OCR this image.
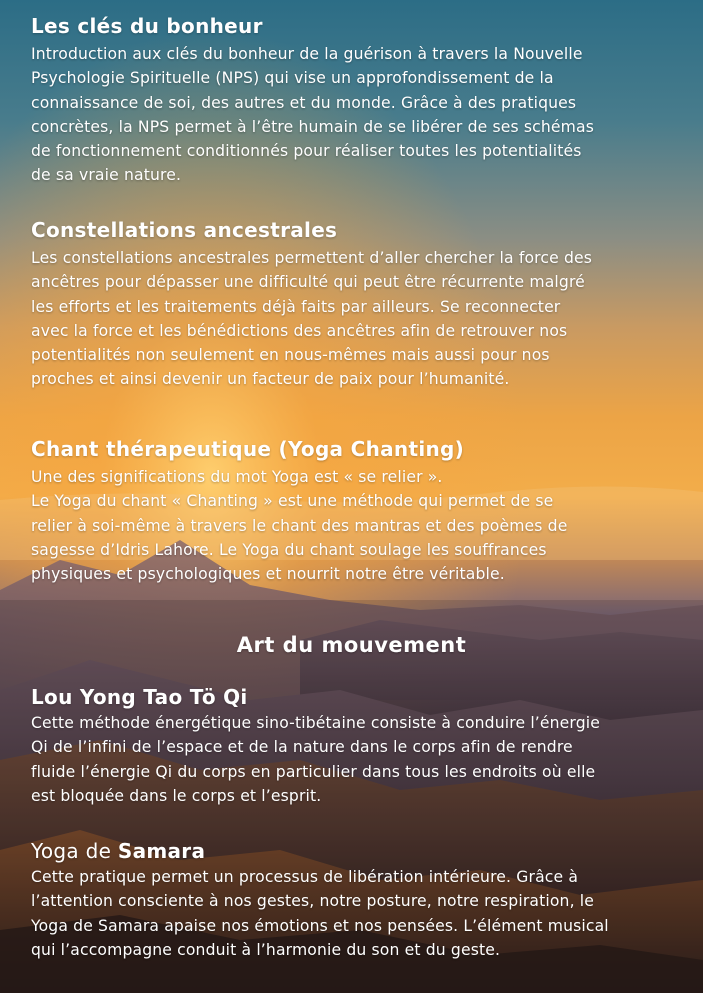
Les clés du bonheur

Introduction aux clés du bonheur de la guérison à travers la Nouvelle
Psychologie Spirituelle (NPS) qui vise un approfondissement de la
connaissance de soi, des autres et du monde. Grâce à des pratiques
concrètes, la NPS permet à l’être humain de se libérer de ses schémas
de fonctionnement conditionnés pour réaliser toutes les potentialités
de sa vraie nature.

Constellations ancestrales

Les constellations ancestrales permettent d’aller chercher la force des
ancêtres pour dépasser une difficulté qui peut être récurrente malgré
les efforts et les traitements déjà faits par ailleurs. Se reconnecter
avec la force et les bénédictions des ancêtres afin de retrouver nos
potentialités non seulement en nous-mêmes mais aussi pour nos
proches et ainsi devenir un facteur de paix pour l’humanité.

Chant thérapeutique (Yoga Chanting)

Une des significations du mot Yoga est « se relier ».
Le Yoga du chant « Chanting » est une méthode qui permet de se
relier à soi-même à travers le chant des mantras et des poèmes de
sagesse d’Idris Lahore. Le Yoga du chant soulage les souffrances
physiques et psychologiques et nourrit notre être véritable.

Art du mouvement
Lou Yong Tao Tö Qi

Cette méthode énergétique sino-tibétaine consiste à conduire l’énergie
Qi de l’infini de l’espace et de la nature dans le corps afin de rendre
fluide l’énergie Qi du corps en particulier dans tous les endroits où elle
est bloquée dans le corps et l’esprit.

Yoga de Samara

Cette pratique permet un processus de libération intérieure. Grâce à
l’attention consciente à nos gestes, notre posture, notre respiration, le
Yoga de Samara apaise nos émotions et nos pensées. L’élément musical
qui l’accompagne conduit à l’harmonie du son et du geste.
